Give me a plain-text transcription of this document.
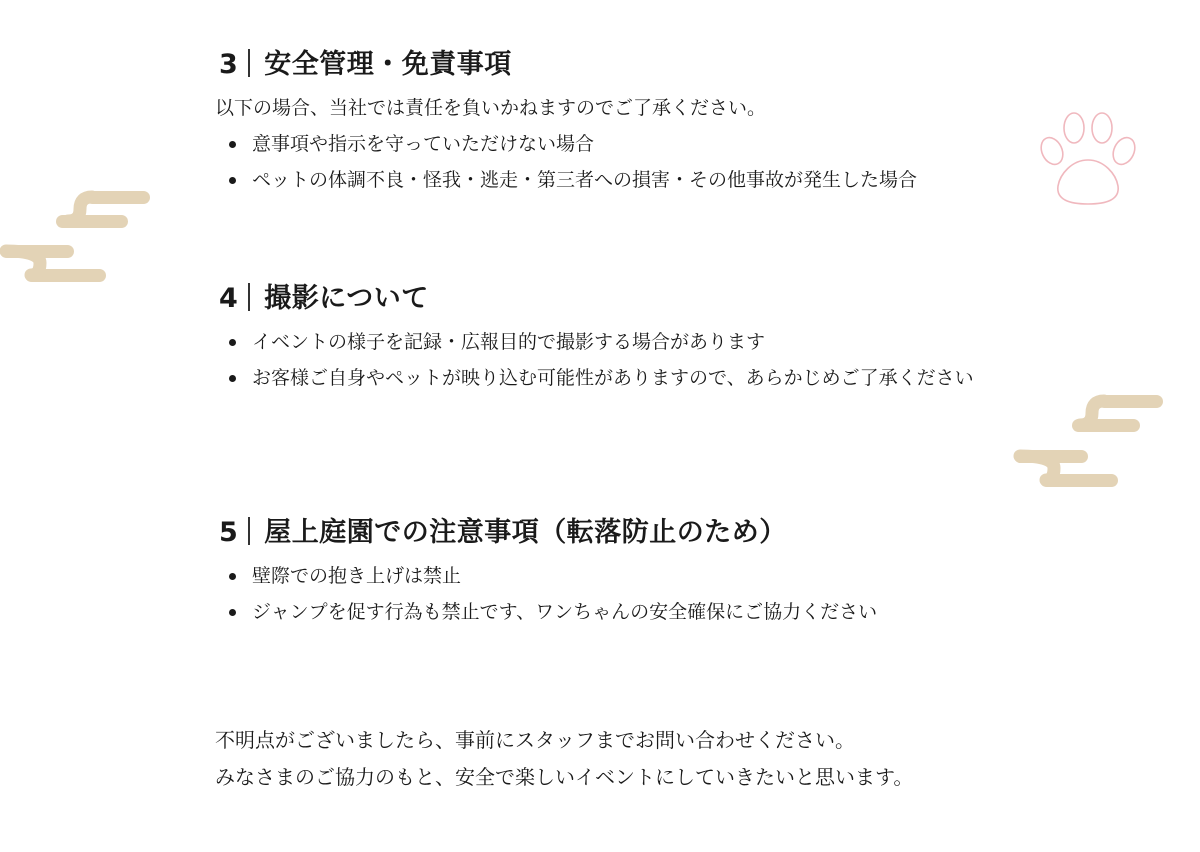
3 安全管理・免責事項

以下の場合、当社では責任を負いかねますのでご了承ください。

意事項や指示を守っていただけない場合
ペットの体調不良・怪我・逃走・第三者への損害・その他事故が発生した場合
4 撮影について
イベントの様子を記録・広報目的で撮影する場合があります
お客様ご自身やペットが映り込む可能性がありますので、あらかじめご了承ください
5 屋上庭園での注意事項（転落防止のため）
壁際での抱き上げは禁止
ジャンプを促す行為も禁止です、ワンちゃんの安全確保にご協力ください
不明点がございましたら、事前にスタッフまでお問い合わせください。
みなさまのご協力のもと、安全で楽しいイベントにしていきたいと思います。
